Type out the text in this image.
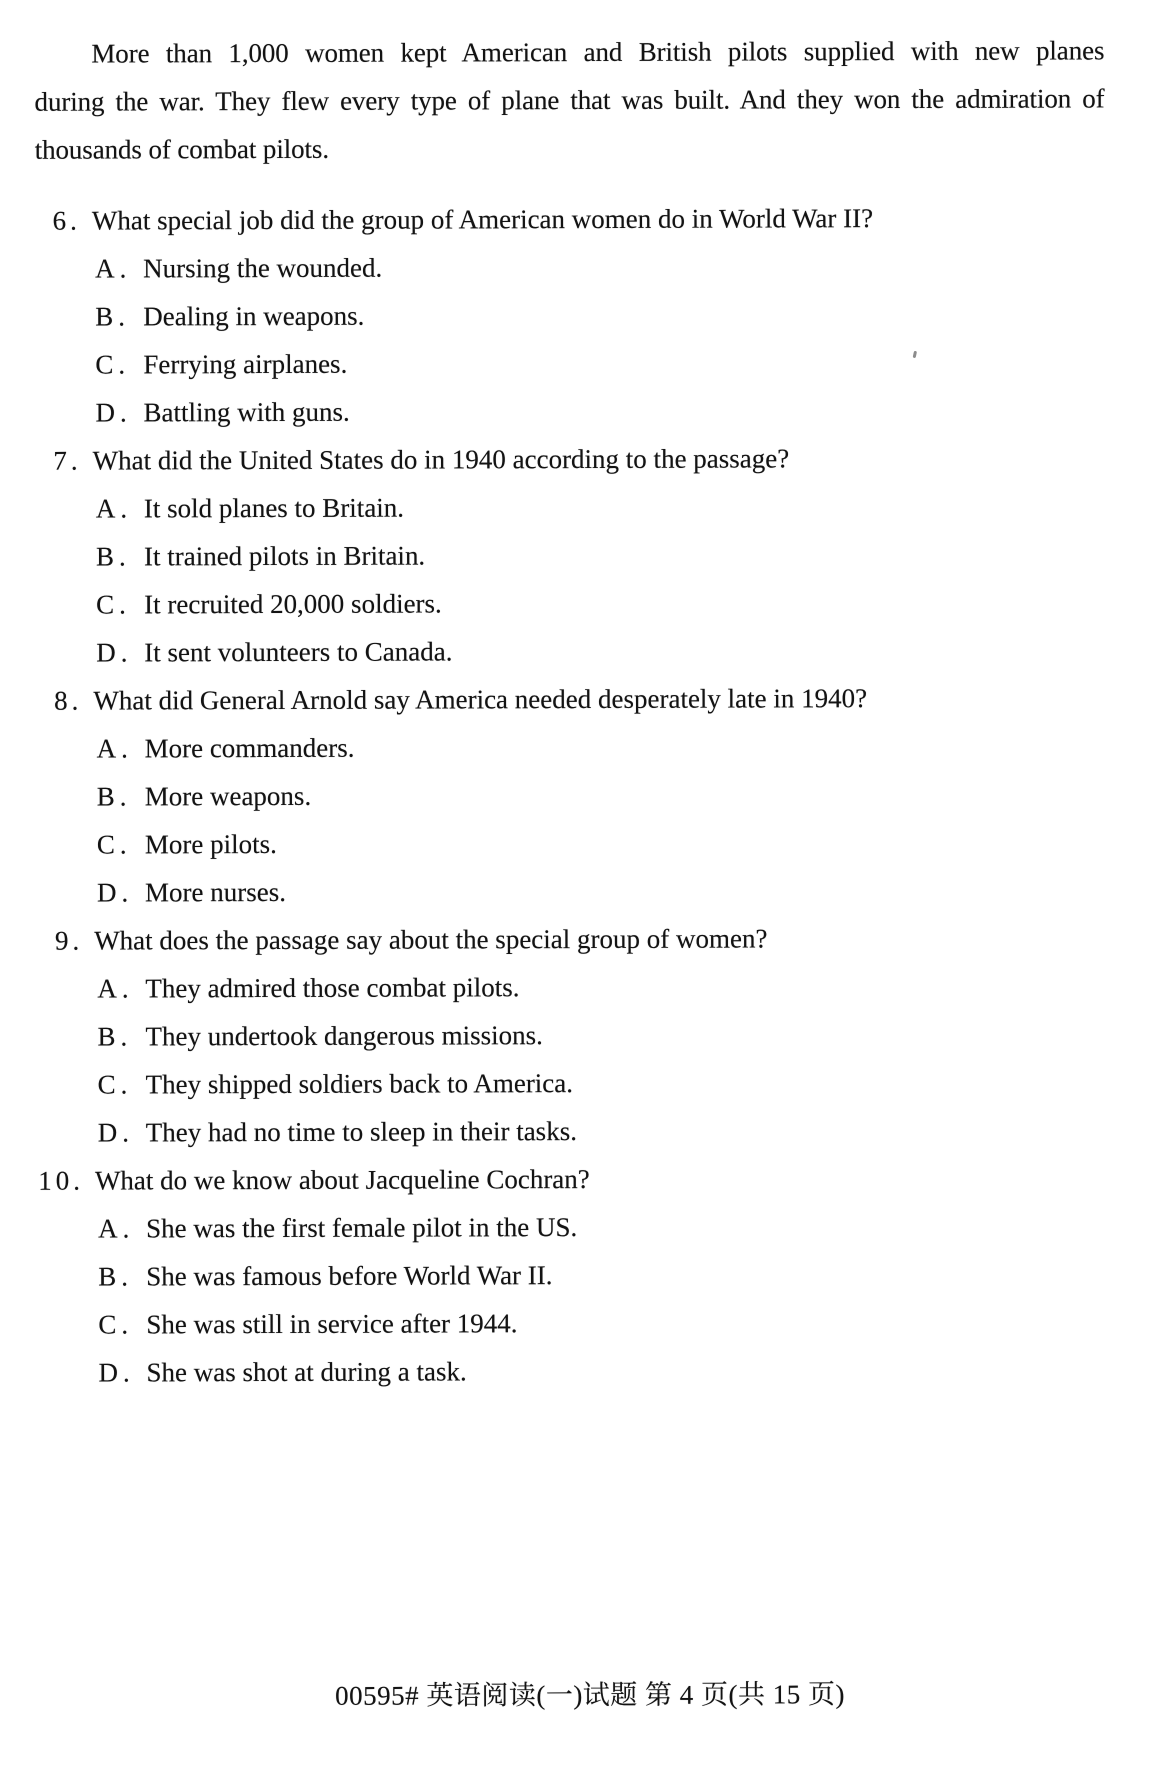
More than 1,000 women kept American and British pilots supplied with new planes
during the war. They flew every type of plane that was built. And they won the admiration of
thousands of combat pilots.
6. What special job did the group of American women do in World War II?
A. Nursing the wounded.
B. Dealing in weapons.
C. Ferrying airplanes.
D. Battling with guns.
7. What did the United States do in 1940 according to the passage?
A. It sold planes to Britain.
B. It trained pilots in Britain.
C. It recruited 20,000 soldiers.
D. It sent volunteers to Canada.
8. What did General Arnold say America needed desperately late in 1940?
A. More commanders.
B. More weapons.
C. More pilots.
D. More nurses.
9. What does the passage say about the special group of women?
A. They admired those combat pilots.
B. They undertook dangerous missions.
C. They shipped soldiers back to America.
D. They had no time to sleep in their tasks.
10. What do we know about Jacqueline Cochran?
A. She was the first female pilot in the US.
B. She was famous before World War II.
C. She was still in service after 1944.
D. She was shot at during a task.
00595# 英语阅读(一)试题 第 4 页(共 15 页)
